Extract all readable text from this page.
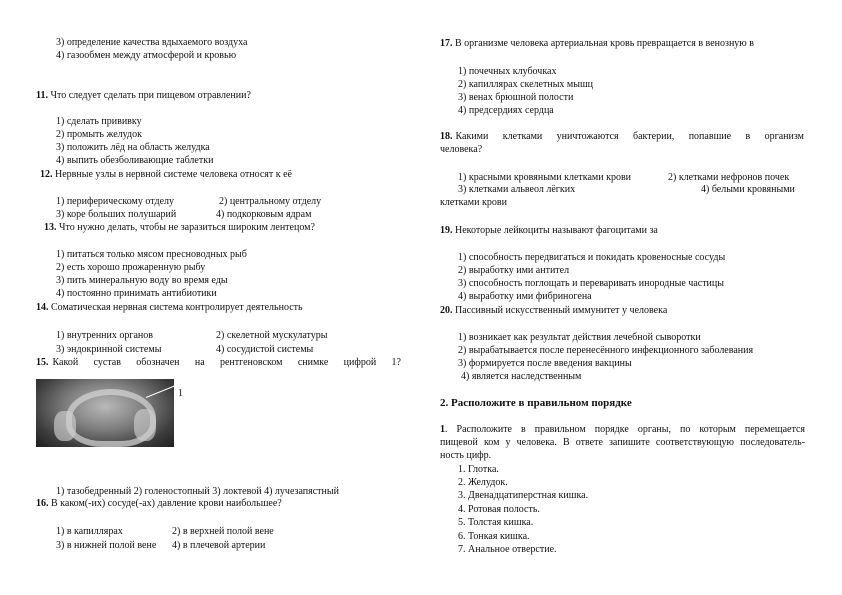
3) определение качества вдыхаемого воздуха
4) газообмен между атмосферой и кровью
11. Что следует сделать при пищевом отравлении?
1) сделать прививку
2) промыть желудок
3) положить лёд на область желудка
4) выпить обезболивающие таблетки
12. Нервные узлы в нервной системе человека относят к её
1) периферическому отделу	2) центральному отделу
3) коре больших полушарий	4) подкорковым ядрам
13. Что нужно делать, чтобы не заразиться широким лентецом?
1) питаться только мясом пресноводных рыб
2) есть хорошо прожаренную рыбу
3) пить минеральную воду во время еды
4) постоянно принимать антибиотики
14. Соматическая нервная система контролирует деятельность
1) внутренних органов	2) скелетной мускулатуры
3) эндокринной системы	4) сосудистой системы
15. Какой сустав обозначен на рентгеновском снимке цифрой 1?
1
1) тазобедренный 2) голеностопный 3) локтевой 4) лучезапястный
16. В каком(-их) сосуде(-ах) давление крови наибольшее?
1) в капиллярах	2) в верхней полой вене
3) в нижней полой вене 4) в плечевой артерии
17. В организме человека артериальная кровь превращается в венозную в
1) почечных клубочках
2) капиллярах скелетных мышц
3) венах брюшной полости
4) предсердиях сердца
18. Какими клетками уничтожаются бактерии, попавшие в организм
человека?
1) красными кровяными клетками крови	2) клетками нефронов почек
3) клетками альвеол лёгких	4) белыми кровяными
клетками крови
19. Некоторые лейкоциты называют фагоцитами за
1) способность передвигаться и покидать кровеносные сосуды
2) выработку ими антител
3) способность поглощать и переваривать инородные частицы
4) выработку ими фибриногена
20. Пассивный искусственный иммунитет у человека
1) возникает как результат действия лечебной сыворотки
2) вырабатывается после перенесённого инфекционного заболевания
3) формируется после введения вакцины
4) является наследственным
2. Расположите в правильном порядке
1 . Расположите в правильном порядке органы, по которым перемещается
пищевой ком у человека. В ответе запишите соответствующую последователь-
ность цифр.
1. Глотка.
2. Желудок.
3. Двенадцатиперстная кишка.
4. Ротовая полость.
5. Толстая кишка.
6. Тонкая кишка.
7. Анальное отверстие.
